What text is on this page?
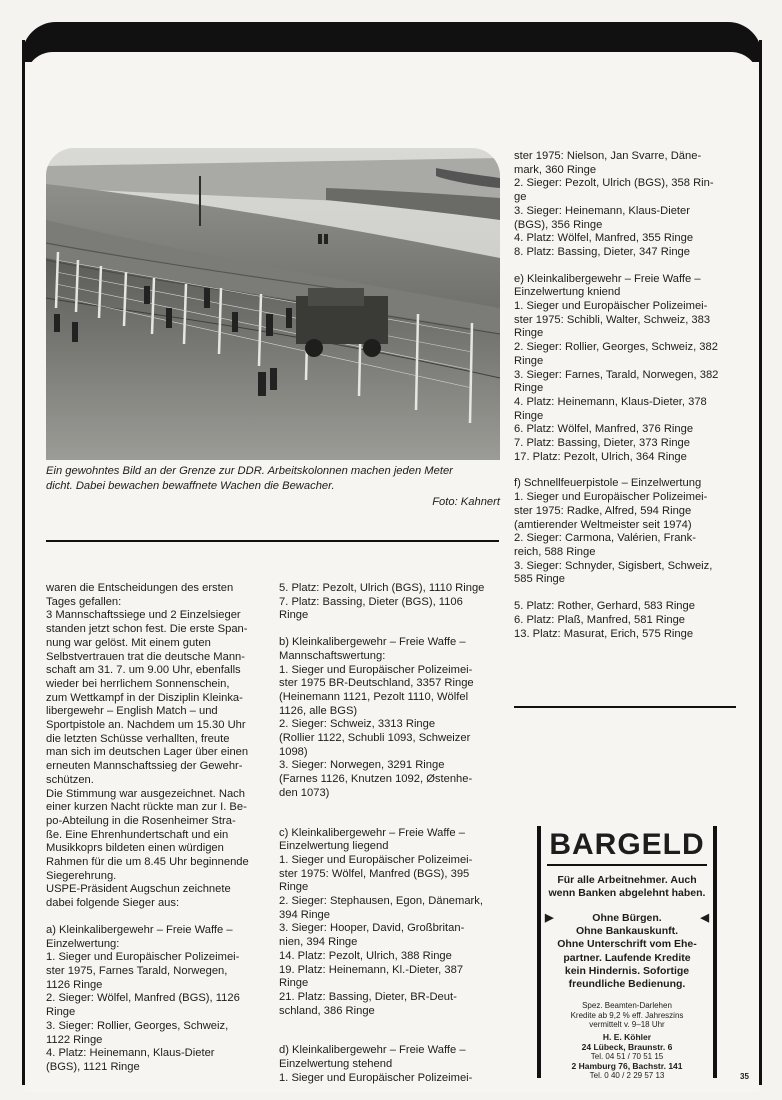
Ein gewohntes Bild an der Grenze zur DDR. Arbeitskolonnen machen jeden Meter
dicht. Dabei bewachen bewaffnete Wachen die Bewacher.
Foto: Kahnert

waren die Entscheidungen des ersten

Tages gefallen:

3 Mannschaftssiege und 2 Einzelsieger

standen jetzt schon fest. Die erste Span-

nung war gelöst. Mit einem guten

Selbstvertrauen trat die deutsche Mann-

schaft am 31. 7. um 9.00 Uhr, ebenfalls

wieder bei herrlichem Sonnenschein,

zum Wettkampf in der Disziplin Kleinka-

libergewehr – English Match – und

Sportpistole an. Nachdem um 15.30 Uhr

die letzten Schüsse verhallten, freute

man sich im deutschen Lager über einen

erneuten Mannschaftssieg der Gewehr-

schützen.

Die Stimmung war ausgezeichnet. Nach

einer kurzen Nacht rückte man zur I. Be-

po-Abteilung in die Rosenheimer Stra-

ße. Eine Ehrenhundertschaft und ein

Musikkoprs bildeten einen würdigen

Rahmen für die um 8.45 Uhr beginnende

Siegerehrung.

USPE-Präsident Augschun zeichnete

dabei folgende Sieger aus:

a) Kleinkalibergewehr – Freie Waffe –

Einzelwertung:

1. Sieger und Europäischer Polizeimei-

ster 1975, Farnes Tarald, Norwegen,

1126 Ringe

2. Sieger: Wölfel, Manfred (BGS), 1126

Ringe

3. Sieger: Rollier, Georges, Schweiz,

1122 Ringe

4. Platz: Heinemann, Klaus-Dieter

(BGS), 1121 Ringe

5. Platz: Pezolt, Ulrich (BGS), 1110 Ringe

7. Platz: Bassing, Dieter (BGS), 1106

Ringe

b) Kleinkalibergewehr – Freie Waffe –

Mannschaftswertung:

1. Sieger und Europäischer Polizeimei-

ster 1975 BR-Deutschland, 3357 Ringe

(Heinemann 1121, Pezolt 1110, Wölfel

1126, alle BGS)

2. Sieger: Schweiz, 3313 Ringe

(Rollier 1122, Schubli 1093, Schweizer

1098)

3. Sieger: Norwegen, 3291 Ringe

(Farnes 1126, Knutzen 1092, Østenhe-

den 1073)

c) Kleinkalibergewehr – Freie Waffe –

Einzelwertung liegend

1. Sieger und Europäischer Polizeimei-

ster 1975: Wölfel, Manfred (BGS), 395

Ringe

2. Sieger: Stephausen, Egon, Dänemark,

394 Ringe

3. Sieger: Hooper, David, Großbritan-

nien, 394 Ringe

14. Platz: Pezolt, Ulrich, 388 Ringe

19. Platz: Heinemann, Kl.-Dieter, 387

Ringe

21. Platz: Bassing, Dieter, BR-Deut-

schland, 386 Ringe

d) Kleinkalibergewehr – Freie Waffe –

Einzelwertung stehend

1. Sieger und Europäischer Polizeimei-

ster 1975: Nielson, Jan Svarre, Däne-

mark, 360 Ringe

2. Sieger: Pezolt, Ulrich (BGS), 358 Rin-

ge

3. Sieger: Heinemann, Klaus-Dieter

(BGS), 356 Ringe

4. Platz: Wölfel, Manfred, 355 Ringe

8. Platz: Bassing, Dieter, 347 Ringe

e) Kleinkalibergewehr – Freie Waffe –

Einzelwertung kniend

1. Sieger und Europäischer Polizeimei-

ster 1975: Schibli, Walter, Schweiz, 383

Ringe

2. Sieger: Rollier, Georges, Schweiz, 382

Ringe

3. Sieger: Farnes, Tarald, Norwegen, 382

Ringe

4. Platz: Heinemann, Klaus-Dieter, 378

Ringe

6. Platz: Wölfel, Manfred, 376 Ringe

7. Platz: Bassing, Dieter, 373 Ringe

17. Platz: Pezolt, Ulrich, 364 Ringe

f) Schnellfeuerpistole – Einzelwertung

1. Sieger und Europäischer Polizeimei-

ster 1975: Radke, Alfred, 594 Ringe

(amtierender Weltmeister seit 1974)

2. Sieger: Carmona, Valérien, Frank-

reich, 588 Ringe

3. Sieger: Schnyder, Sigisbert, Schweiz,

585 Ringe

5. Platz: Rother, Gerhard, 583 Ringe

6. Platz: Plaß, Manfred, 581 Ringe

13. Platz: Masurat, Erich, 575 Ringe

BARGELD
Für alle Arbeitnehmer. Auch
wenn Banken abgelehnt haben.
▶	Ohne Bürgen.	◀
Ohne Bankauskunft.
Ohne Unterschrift vom Ehe-
partner. Laufende Kredite
kein Hindernis. Sofortige
freundliche Bedienung.
Spez. Beamten-Darlehen
Kredite ab 9,2 % eff. Jahreszins
vermittelt v. 9–18 Uhr
H. E. Köhler
24 Lübeck, Braunstr. 6
Tel. 04 51 / 70 51 15
2 Hamburg 76, Bachstr. 141
Tel. 0 40 / 2 29 57 13	35
